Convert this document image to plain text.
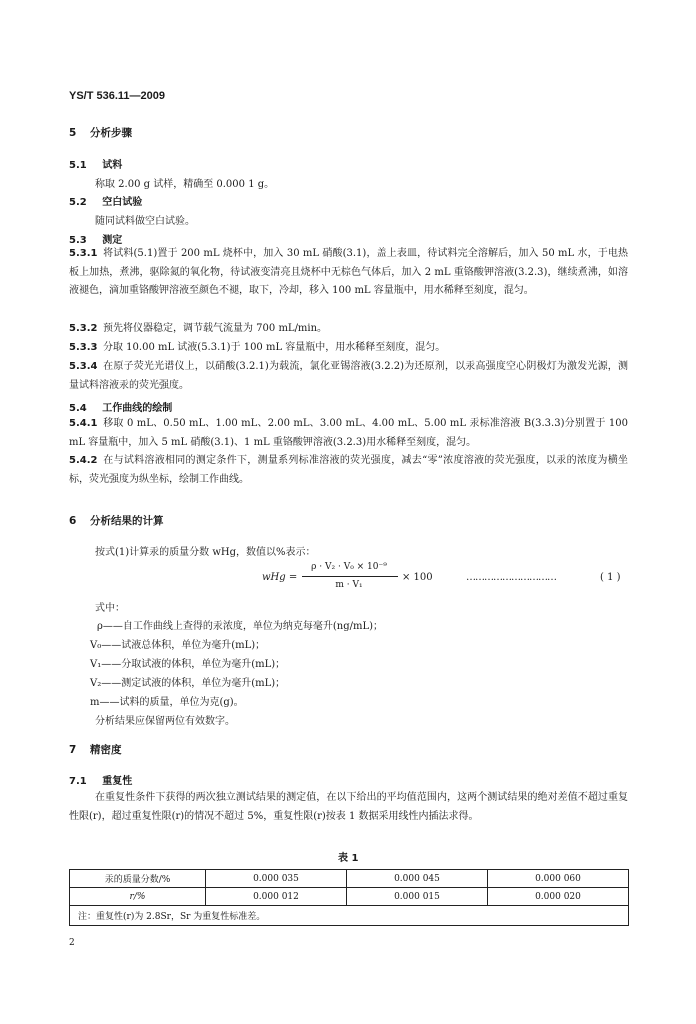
YS/T 536.11—2009
5 分析步骤
5.1 试料
称取 2.00 g 试样，精确至 0.000 1 g。
5.2 空白试验
随同试料做空白试验。
5.3 测定
5.3.1 将试料(5.1)置于 200 mL 烧杯中，加入 30 mL 硝酸(3.1)，盖上表皿，待试料完全溶解后，加入 50 mL 水，于电热板上加热，煮沸，驱除氮的氧化物，待试液变清亮且烧杯中无棕色气体后，加入 2 mL 重铬酸钾溶液(3.2.3)，继续煮沸，如溶液褪色，滴加重铬酸钾溶液至颜色不褪，取下，冷却，移入 100 mL 容量瓶中，用水稀释至刻度，混匀。
5.3.2 预先将仪器稳定，调节载气流量为 700 mL/min。
5.3.3 分取 10.00 mL 试液(5.3.1)于 100 mL 容量瓶中，用水稀释至刻度，混匀。
5.3.4 在原子荧光光谱仪上，以硝酸(3.2.1)为载流，氯化亚锡溶液(3.2.2)为还原剂，以汞高强度空心阴极灯为激发光源，测量试料溶液汞的荧光强度。
5.4 工作曲线的绘制
5.4.1 移取 0 mL、0.50 mL、1.00 mL、2.00 mL、3.00 mL、4.00 mL、5.00 mL 汞标准溶液 B(3.3.3)分别置于 100 mL 容量瓶中，加入 5 mL 硝酸(3.1)、1 mL 重铬酸钾溶液(3.2.3)用水稀释至刻度，混匀。
5.4.2 在与试料溶液相同的测定条件下，测量系列标准溶液的荧光强度，减去“零”浓度溶液的荧光强度，以汞的浓度为横坐标，荧光强度为纵坐标，绘制工作曲线。
6 分析结果的计算
按式(1)计算汞的质量分数 wHg，数值以%表示：
wHg =
ρ · V₂ · V₀ × 10⁻⁹
m · V₁
× 100	…………………………	( 1 )
式中：
ρ——自工作曲线上查得的汞浓度，单位为纳克每毫升(ng/mL)；
V₀——试液总体积，单位为毫升(mL)；
V₁——分取试液的体积，单位为毫升(mL)；
V₂——测定试液的体积，单位为毫升(mL)；
m——试料的质量，单位为克(g)。
分析结果应保留两位有效数字。
7 精密度
7.1 重复性
在重复性条件下获得的两次独立测试结果的测定值，在以下给出的平均值范围内，这两个测试结果的绝对差值不超过重复性限(r)，超过重复性限(r)的情况不超过 5%，重复性限(r)按表 1 数据采用线性内插法求得。
表 1
汞的质量分数/%	0.000 035	0.000 045	0.000 060
r/%	0.000 012	0.000 015	0.000 020
注：重复性(r)为 2.8Sr，Sr 为重复性标准差。			
2
